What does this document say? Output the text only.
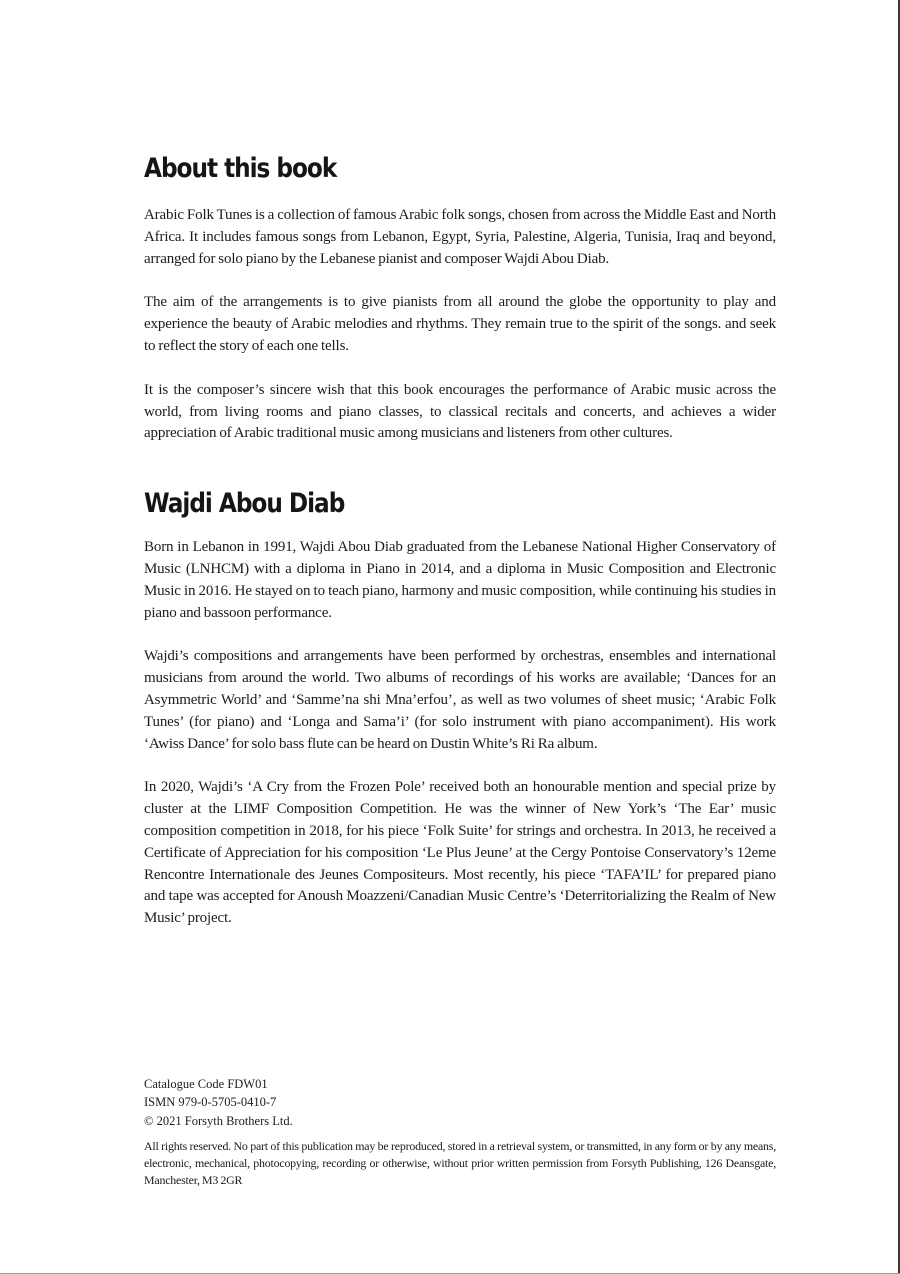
About this book

Arabic Folk Tunes is a collection of famous Arabic folk songs, chosen from across the Middle East and North Africa. It includes famous songs from Lebanon, Egypt, Syria, Palestine, Algeria, Tunisia, Iraq and beyond, arranged for solo piano by the Lebanese pianist and composer Wajdi Abou Diab.

The aim of the arrangements is to give pianists from all around the globe the opportunity to play and experience the beauty of Arabic melodies and rhythms. They remain true to the spirit of the songs. and seek to reflect the story of each one tells.

It is the composer’s sincere wish that this book encourages the performance of Arabic music across the world, from living rooms and piano classes, to classical recitals and concerts, and achieves a wider appreciation of Arabic traditional music among musicians and listeners from other cultures.

Wajdi Abou Diab

Born in Lebanon in 1991, Wajdi Abou Diab graduated from the Lebanese National Higher Conservatory of Music (LNHCM) with a diploma in Piano in 2014, and a diploma in Music Composition and Electronic Music in 2016. He stayed on to teach piano, harmony and music composition, while continuing his studies in piano and bassoon performance.

Wajdi’s compositions and arrangements have been performed by orchestras, ensembles and international musicians from around the world. Two albums of recordings of his works are available; ‘Dances for an Asymmetric World’ and ‘Samme’na shi Mna’erfou’, as well as two volumes of sheet music; ‘Arabic Folk Tunes’ (for piano) and ‘Longa and Sama’i’ (for solo instrument with piano accompaniment). His work ‘Awiss Dance’ for solo bass flute can be heard on Dustin White’s Ri Ra album.

In 2020, Wajdi’s ‘A Cry from the Frozen Pole’ received both an honourable mention and special prize by cluster at the LIMF Composition Competition. He was the winner of New York’s ‘The Ear’ music composition competition in 2018, for his piece ‘Folk Suite’ for strings and orchestra. In 2013, he received a Certificate of Appreciation for his composition ‘Le Plus Jeune’ at the Cergy Pontoise Conservatory’s 12eme Rencontre Internationale des Jeunes Compositeurs. Most recently, his piece ‘TAFA’IL’ for prepared piano and tape was accepted for Anoush Moazzeni/Canadian Music Centre’s ‘Deterritorializing the Realm of New Music’ project.

Catalogue Code FDW01
ISMN 979-0-5705-0410-7
© 2021 Forsyth Brothers Ltd.
All rights reserved. No part of this publication may be reproduced, stored in a retrieval system, or transmitted, in any form or by any means, electronic, mechanical, photocopying, recording or otherwise, without prior written permission from Forsyth Publishing, 126 Deansgate, Manchester, M3 2GR
